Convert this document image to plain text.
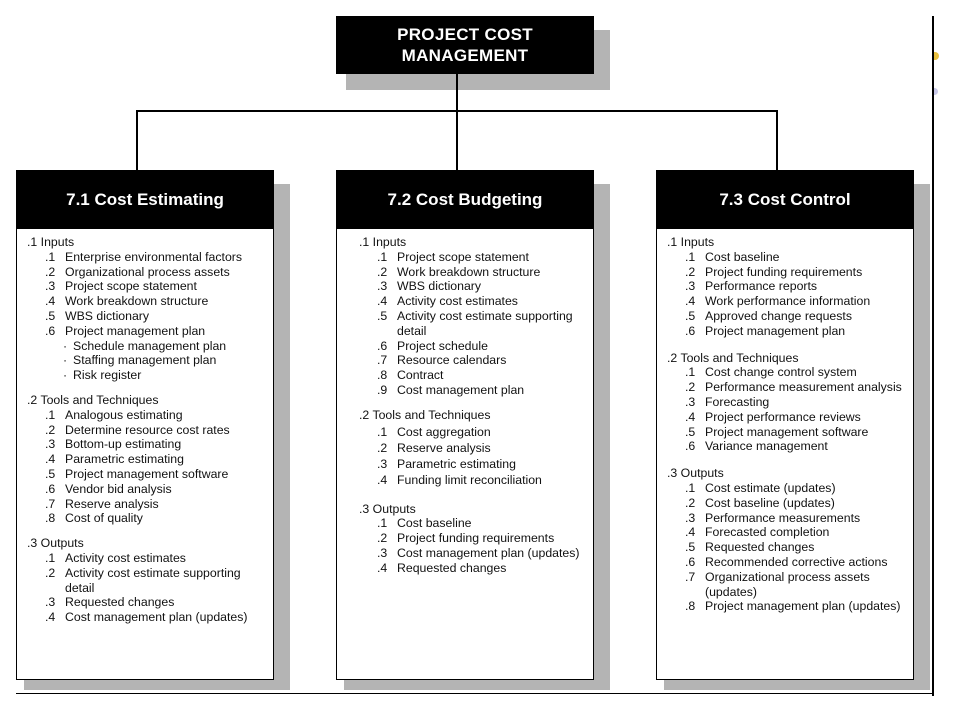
PROJECT COST
MANAGEMENT
7.1 Cost Estimating
.1 Inputs
.1 Enterprise environmental factors
.2 Organizational process assets
.3 Project scope statement
.4 Work breakdown structure
.5 WBS dictionary
.6 Project management plan
· Schedule management plan
· Staffing management plan
· Risk register
.2 Tools and Techniques
.1 Analogous estimating
.2 Determine resource cost rates
.3 Bottom-up estimating
.4 Parametric estimating
.5 Project management software
.6 Vendor bid analysis
.7 Reserve analysis
.8 Cost of quality
.3 Outputs
.1 Activity cost estimates
.2 Activity cost estimate supporting detail
.3 Requested changes
.4 Cost management plan (updates)
7.2 Cost Budgeting
.1 Inputs
.1 Project scope statement
.2 Work breakdown structure
.3 WBS dictionary
.4 Activity cost estimates
.5 Activity cost estimate supporting detail
.6 Project schedule
.7 Resource calendars
.8 Contract
.9 Cost management plan
.2 Tools and Techniques
.1 Cost aggregation
.2 Reserve analysis
.3 Parametric estimating
.4 Funding limit reconciliation
.3 Outputs
.1 Cost baseline
.2 Project funding requirements
.3 Cost management plan (updates)
.4 Requested changes
7.3 Cost Control
.1 Inputs
.1 Cost baseline
.2 Project funding requirements
.3 Performance reports
.4 Work performance information
.5 Approved change requests
.6 Project management plan
.2 Tools and Techniques
.1 Cost change control system
.2 Performance measurement analysis
.3 Forecasting
.4 Project performance reviews
.5 Project management software
.6 Variance management
.3 Outputs
.1 Cost estimate (updates)
.2 Cost baseline (updates)
.3 Performance measurements
.4 Forecasted completion
.5 Requested changes
.6 Recommended corrective actions
.7 Organizational process assets (updates)
.8 Project management plan (updates)
